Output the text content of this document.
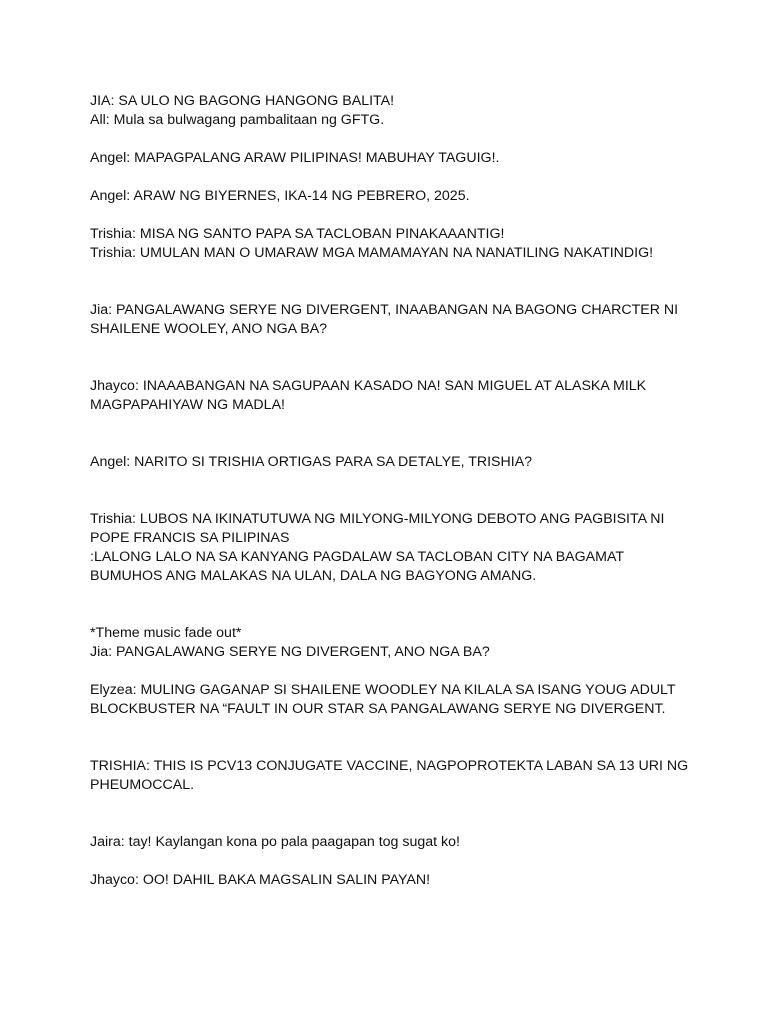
JIA: SA ULO NG BAGONG HANGONG BALITA!
All: Mula sa bulwagang pambalitaan ng GFTG.
Angel: MAPAGPALANG ARAW PILIPINAS! MABUHAY TAGUIG!.
Angel: ARAW NG BIYERNES, IKA-14 NG PEBRERO, 2025.
Trishia: MISA NG SANTO PAPA SA TACLOBAN PINAKAAANTIG!
Trishia: UMULAN MAN O UMARAW MGA MAMAMAYAN NA NANATILING NAKATINDIG!
Jia: PANGALAWANG SERYE NG DIVERGENT, INAABANGAN NA BAGONG CHARCTER NI
SHAILENE WOOLEY, ANO NGA BA?
Jhayco: INAAABANGAN NA SAGUPAAN KASADO NA! SAN MIGUEL AT ALASKA MILK
MAGPAPAHIYAW NG MADLA!
Angel: NARITO SI TRISHIA ORTIGAS PARA SA DETALYE, TRISHIA?
Trishia: LUBOS NA IKINATUTUWA NG MILYONG-MILYONG DEBOTO ANG PAGBISITA NI
POPE FRANCIS SA PILIPINAS
:LALONG LALO NA SA KANYANG PAGDALAW SA TACLOBAN CITY NA BAGAMAT
BUMUHOS ANG MALAKAS NA ULAN, DALA NG BAGYONG AMANG.
*Theme music fade out*
Jia: PANGALAWANG SERYE NG DIVERGENT, ANO NGA BA?
Elyzea: MULING GAGANAP SI SHAILENE WOODLEY NA KILALA SA ISANG YOUG ADULT
BLOCKBUSTER NA “FAULT IN OUR STAR SA PANGALAWANG SERYE NG DIVERGENT.
TRISHIA: THIS IS PCV13 CONJUGATE VACCINE, NAGPOPROTEKTA LABAN SA 13 URI NG
PHEUMOCCAL.
Jaira: tay! Kaylangan kona po pala paagapan tog sugat ko!
Jhayco: OO! DAHIL BAKA MAGSALIN SALIN PAYAN!
